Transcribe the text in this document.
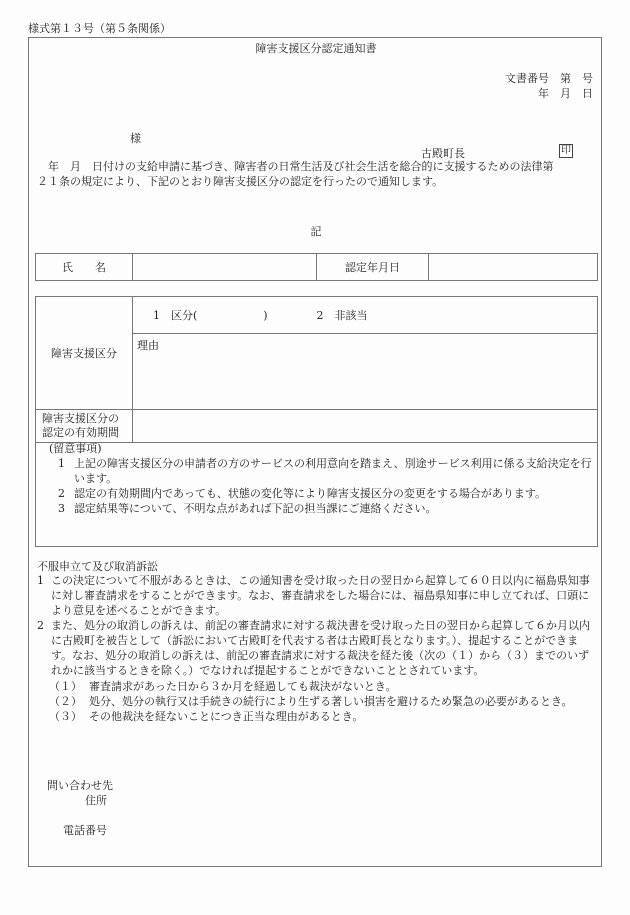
様式第１３号（第５条関係）
障害支援区分認定通知書
文書番号　第　号
年　月　日
様
古殿町長	印
　年　月　日付けの支給申請に基づき、障害者の日常生活及び社会生活を総合的に支援するための法律第
２１条の規定により、下記のとおり障害支援区分の認定を行ったので通知します。
記
氏　　名		認定年月日	
障害支援区分	1　区分(　　　　　　) 2　非該当
	理由

障害支援区分の
認定の有効期間	

(留意事項)
1 上記の障害支援区分の申請者の方のサービスの利用意向を踏まえ、別途サービス利用に係る支給決定を行います。
2 認定の有効期間内であっても、状態の変化等により障害支援区分の変更をする場合があります。
3 認定結果等について、不明な点があれば下記の担当課にご連絡ください。
不服申立て及び取消訴訟
1 この決定について不服があるときは、この通知書を受け取った日の翌日から起算して６０日以内に福島県知事に対し審査請求をすることができます。なお、審査請求をした場合には、福島県知事に申し立てれば、口頭により意見を述べることができます。
2 また、処分の取消しの訴えは、前記の審査請求に対する裁決書を受け取った日の翌日から起算して６か月以内に古殿町を被告として（訴訟において古殿町を代表する者は古殿町長となります。）、提起することができます。なお、処分の取消しの訴えは、前記の審査請求に対する裁決を経た後（次の（１）から（３）までのいずれかに該当するときを除く。）でなければ提起することができないこととされています。
（１） 審査請求があった日から３か月を経過しても裁決がないとき。
（２） 処分、処分の執行又は手続きの続行により生ずる著しい損害を避けるため緊急の必要があるとき。
（３） その他裁決を経ないことにつき正当な理由があるとき。
問い合わせ先
住所
電話番号
